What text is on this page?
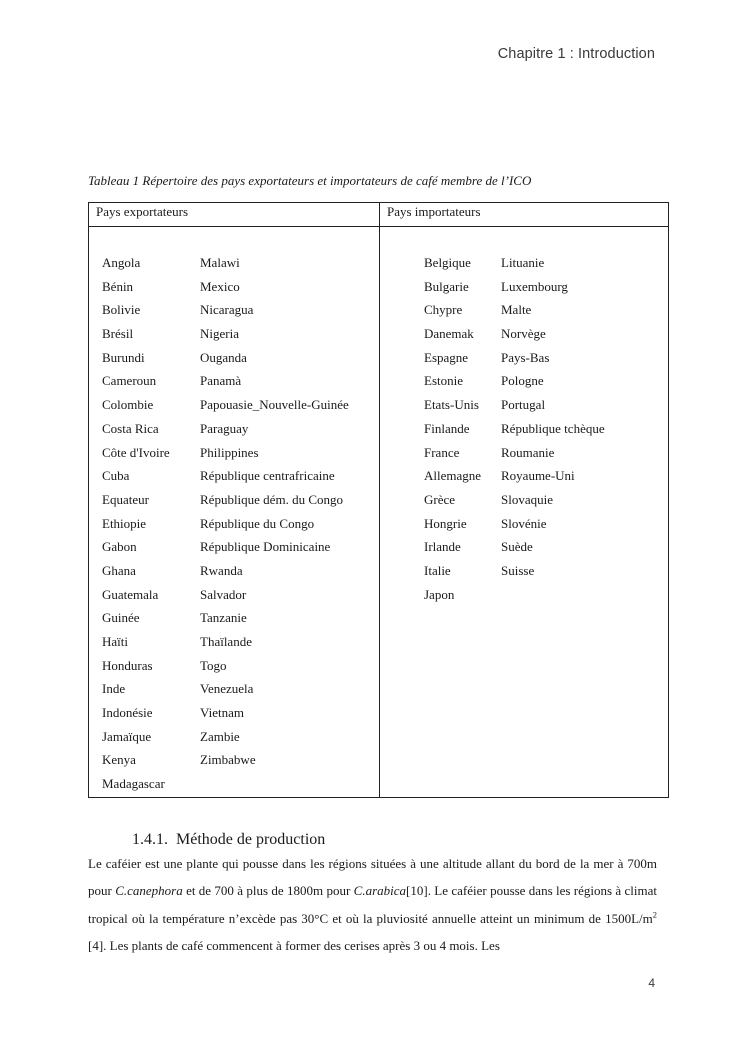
Chapitre 1 : Introduction
Tableau 1 Répertoire des pays exportateurs et importateurs de café membre de l’ICO
Pays exportateurs	Pays importateurs
Angola
Bénin
Bolivie
Brésil
Burundi
Cameroun
Colombie
Costa Rica
Côte d'Ivoire
Cuba
Equateur
Ethiopie
Gabon
Ghana
Guatemala
Guinée
Haïti
Honduras
Inde
Indonésie
Jamaïque
Kenya
Madagascar
Malawi
Mexico
Nicaragua
Nigeria
Ouganda
Panamà
Papouasie_Nouvelle-Guinée
Paraguay
Philippines
République centrafricaine
République dém. du Congo
République du Congo
République Dominicaine
Rwanda
Salvador
Tanzanie
Thaïlande
Togo
Venezuela
Vietnam
Zambie
Zimbabwe
Belgique
Bulgarie
Chypre
Danemak
Espagne
Estonie
Etats-Unis
Finlande
France
Allemagne
Grèce
Hongrie
Irlande
Italie
Japon
Lituanie
Luxembourg
Malte
Norvège
Pays-Bas
Pologne
Portugal
République tchèque
Roumanie
Royaume-Uni
Slovaquie
Slovénie
Suède
Suisse
1.4.1. Méthode de production
Le caféier est une plante qui pousse dans les régions situées à une altitude allant du bord de la mer à 700m pour C.canephora et de 700 à plus de 1800m pour C.arabica[10]. Le caféier pousse dans les régions à climat tropical où la température n’excède pas 30°C et où la pluviosité annuelle atteint un minimum de $1500L/m^2$ [4]. Les plants de café commencent à former des cerises après 3 ou 4 mois. Les
4
